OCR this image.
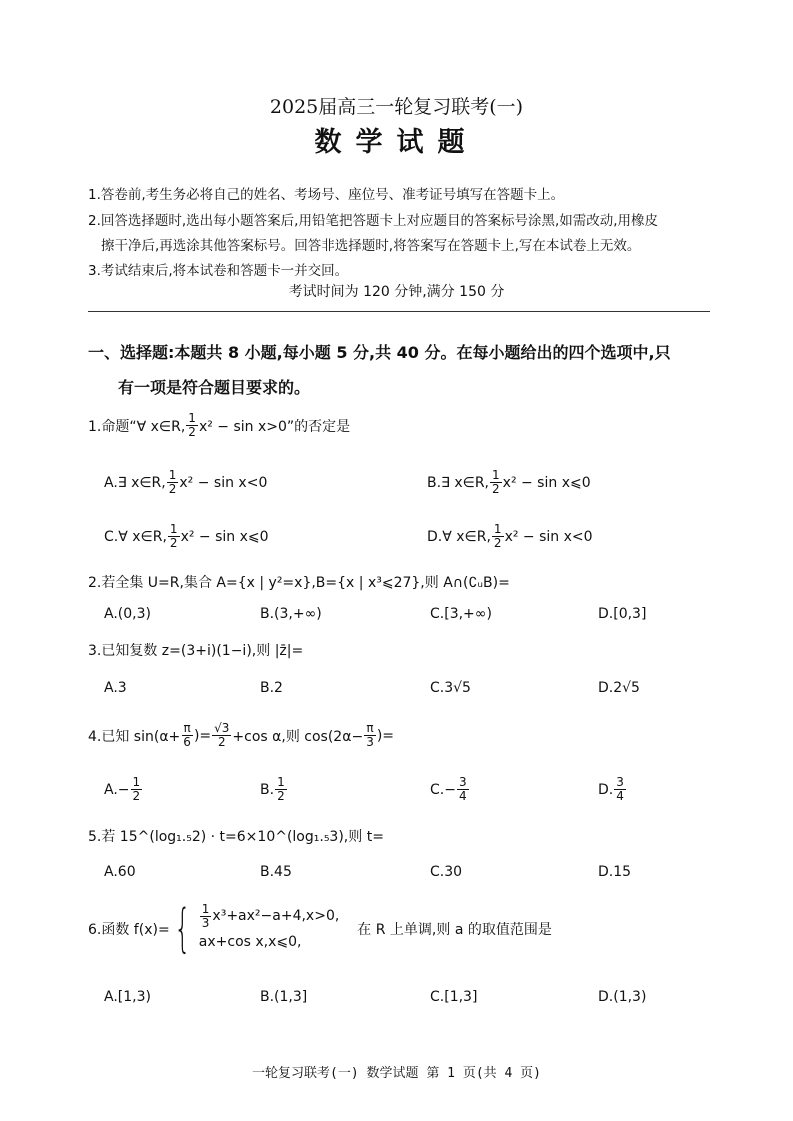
2025届高三一轮复习联考(一)
数学试题
1.答卷前,考生务必将自己的姓名、考场号、座位号、准考证号填写在答题卡上。
2.回答选择题时,选出每小题答案后,用铅笔把答题卡上对应题目的答案标号涂黑,如需改动,用橡皮
擦干净后,再选涂其他答案标号。回答非选择题时,将答案写在答题卡上,写在本试卷上无效。
3.考试结束后,将本试卷和答题卡一并交回。
考试时间为 120 分钟,满分 150 分
一、选择题:本题共 8 小题,每小题 5 分,共 40 分。在每小题给出的四个选项中,只
有一项是符合题目要求的。
1.命题“∀ x∈R, $\frac{1}{2} x^2 - \sin x>0$”的否定是
A.∃ x∈R, $\frac{1}{2} x^2 - \sin x<0$	B.∃ x∈R, $\frac{1}{2} x^2 - \sin$ x⩽0
C.∀ x∈R, $\frac{1}{2} x^2 - \sin$ x⩽0	D.∀ x∈R, $\frac{1}{2} x^2 - \sin x<0$
2.若全集 U=R,集合 A={x | y²=x},B={x | x³⩽27},则 A∩(∁ᵤB)=
A.(0,3)	B.(3,+∞)	C.[3,+∞)	D.[0,3]
3.已知复数 z=(3+i)(1−i),则 |z̄|=
A.3	B.2	C.3√5	D.2√5
4.已知 $\sin(\alpha+ \frac{\pi}{6}$ )= $\frac{√3}{2} +\cos$ α,则 $\cos(2\alpha- \frac{\pi}{3}$ )=
$A.- \frac{1}{2}$	B. $\frac{1}{2}$	$C.- \frac{3}{4}$	D. $\frac{3}{4}$
5.若 15^(log₁.₅2) · t=6×10^(log₁.₅3),则 t=
A.60	B.45	C.30	D.15
6.函数 f(x)= { $\frac{1}{3} x^3+ax^2-a+4,x>0$,
ax+cos x,x⩽0,
在 R 上单调,则 a 的取值范围是
A.[1,3)	B.(1,3]	C.[1,3]	D.(1,3)
一轮复习联考(一) 数学试题 第 1 页(共 4 页)
